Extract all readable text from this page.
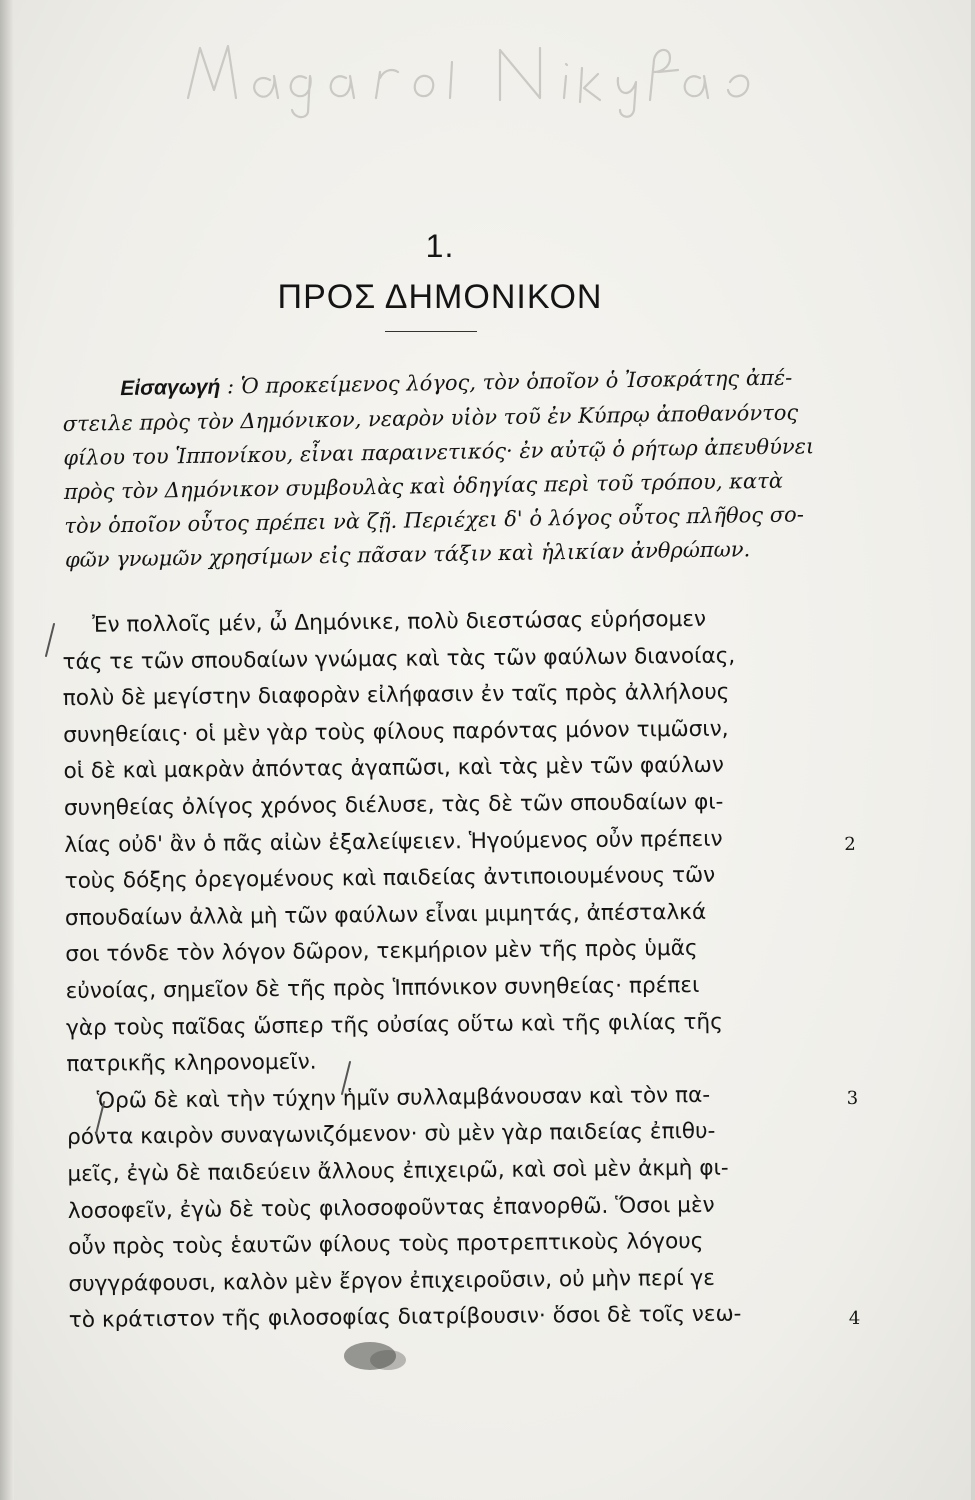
1.
ΠΡΟΣ ΔΗΜΟΝΙΚΟΝ

Εἰσαγωγή : Ὁ προκείμενος λόγος, τὸν ὁποῖον ὁ Ἰσοκράτης ἀπέ-

στειλε πρὸς τὸν Δημόνικον, νεαρὸν υἱὸν τοῦ ἐν Κύπρῳ ἀποθανόντος

φίλου του Ἱππονίκου, εἶναι παραινετικός· ἐν αὐτῷ ὁ ρήτωρ ἀπευθύνει

πρὸς τὸν Δημόνικον συμβουλὰς καὶ ὁδηγίας περὶ τοῦ τρόπου, κατὰ

τὸν ὁποῖον οὗτος πρέπει νὰ ζῇ. Περιέχει δ' ὁ λόγος οὗτος πλῆθος σο-

φῶν γνωμῶν χρησίμων εἰς πᾶσαν τάξιν καὶ ἡλικίαν ἀνθρώπων.

Ἐν πολλοῖς μέν, ὦ Δημόνικε, πολὺ διεστώσας εὑρήσομεν
τάς τε τῶν σπουδαίων γνώμας καὶ τὰς τῶν φαύλων διανοίας,
πολὺ δὲ μεγίστην διαφορὰν εἰλήφασιν ἐν ταῖς πρὸς ἀλλήλους
συνηθείαις· οἱ μὲν γὰρ τοὺς φίλους παρόντας μόνον τιμῶσιν,
οἱ δὲ καὶ μακρὰν ἀπόντας ἀγαπῶσι, καὶ τὰς μὲν τῶν φαύλων
συνηθείας ὀλίγος χρόνος διέλυσε, τὰς δὲ τῶν σπουδαίων φι-
λίας οὐδ' ἂν ὁ πᾶς αἰὼν ἐξαλείψειεν. Ἡγούμενος οὖν πρέπειν
τοὺς δόξης ὀρεγομένους καὶ παιδείας ἀντιποιουμένους τῶν
σπουδαίων ἀλλὰ μὴ τῶν φαύλων εἶναι μιμητάς, ἀπέσταλκά
σοι τόνδε τὸν λόγον δῶρον, τεκμήριον μὲν τῆς πρὸς ὑμᾶς
εὐνοίας, σημεῖον δὲ τῆς πρὸς Ἱππόνικον συνηθείας· πρέπει
γὰρ τοὺς παῖδας ὥσπερ τῆς οὐσίας οὕτω καὶ τῆς φιλίας τῆς
πατρικῆς κληρονομεῖν.
Ὁρῶ δὲ καὶ τὴν τύχην ἡμῖν συλλαμβάνουσαν καὶ τὸν πα-
ρόντα καιρὸν συναγωνιζόμενον· σὺ μὲν γὰρ παιδείας ἐπιθυ-
μεῖς, ἐγὼ δὲ παιδεύειν ἄλλους ἐπιχειρῶ, καὶ σοὶ μὲν ἀκμὴ φι-
λοσοφεῖν, ἐγὼ δὲ τοὺς φιλοσοφοῦντας ἐπανορθῶ. Ὅσοι μὲν
οὖν πρὸς τοὺς ἑαυτῶν φίλους τοὺς προτρεπτικοὺς λόγους
συγγράφουσι, καλὸν μὲν ἔργον ἐπιχειροῦσιν, οὐ μὴν περί γε
τὸ κράτιστον τῆς φιλοσοφίας διατρίβουσιν· ὅσοι δὲ τοῖς νεω-
2
3
4
